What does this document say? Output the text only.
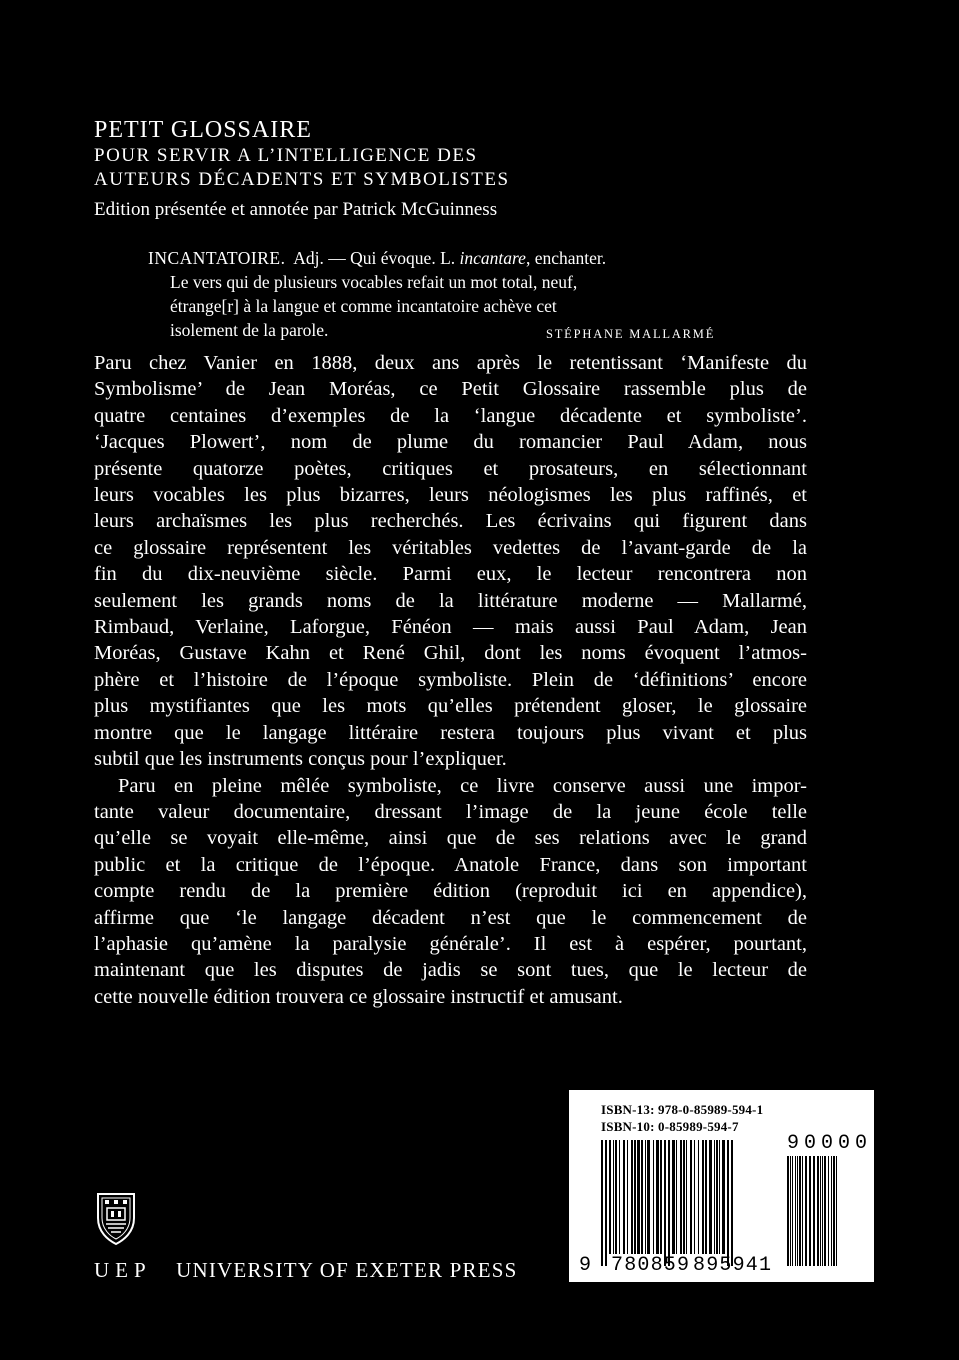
PETIT GLOSSAIRE
POUR SERVIR A L’INTELLIGENCE DES
AUTEURS DÉCADENTS ET SYMBOLISTES
Edition présentée et annotée par Patrick McGuinness
INCANTATOIRE. Adj. — Qui évoque. L. incantare, enchanter.
Le vers qui de plusieurs vocables refait un mot total, neuf,
étrange[r] à la langue et comme incantatoire achève cet
isolement de la parole.	STÉPHANE MALLARMÉ
Paru chez Vanier en 1888, deux ans après le retentissant ‘Manifeste du
Symbolisme’ de Jean Moréas, ce Petit Glossaire rassemble plus de
quatre centaines d’exemples de la ‘langue décadente et symboliste’.
‘Jacques Plowert’, nom de plume du romancier Paul Adam, nous
présente quatorze poètes, critiques et prosateurs, en sélectionnant
leurs vocables les plus bizarres, leurs néologismes les plus raffinés, et
leurs archaïsmes les plus recherchés. Les écrivains qui figurent dans
ce glossaire représentent les véritables vedettes de l’avant-garde de la
fin du dix-neuvième siècle. Parmi eux, le lecteur rencontrera non
seulement les grands noms de la littérature moderne — Mallarmé,
Rimbaud, Verlaine, Laforgue, Fénéon — mais aussi Paul Adam, Jean
Moréas, Gustave Kahn et René Ghil, dont les noms évoquent l’atmos-
phère et l’histoire de l’époque symboliste. Plein de ‘définitions’ encore
plus mystifiantes que les mots qu’elles prétendent gloser, le glossaire
montre que le langage littéraire restera toujours plus vivant et plus
subtil que les instruments conçus pour l’expliquer.
Paru en pleine mêlée symboliste, ce livre conserve aussi une impor-
tante valeur documentaire, dressant l’image de la jeune école telle
qu’elle se voyait elle-même, ainsi que de ses relations avec le grand
public et la critique de l’époque. Anatole France, dans son important
compte rendu de la première édition (reproduit ici en appendice),
affirme que ‘le langage décadent n’est que le commencement de
l’aphasie qu’amène la paralysie générale’. Il est à espérer, pourtant,
maintenant que les disputes de jadis se sont tues, que le lecteur de
cette nouvelle édition trouvera ce glossaire instructif et amusant.
ISBN-13: 978-0-85989-594-1
ISBN-10: 0-85989-594-7
90000
9 780859 895941
UEP UNIVERSITY OF EXETER PRESS
